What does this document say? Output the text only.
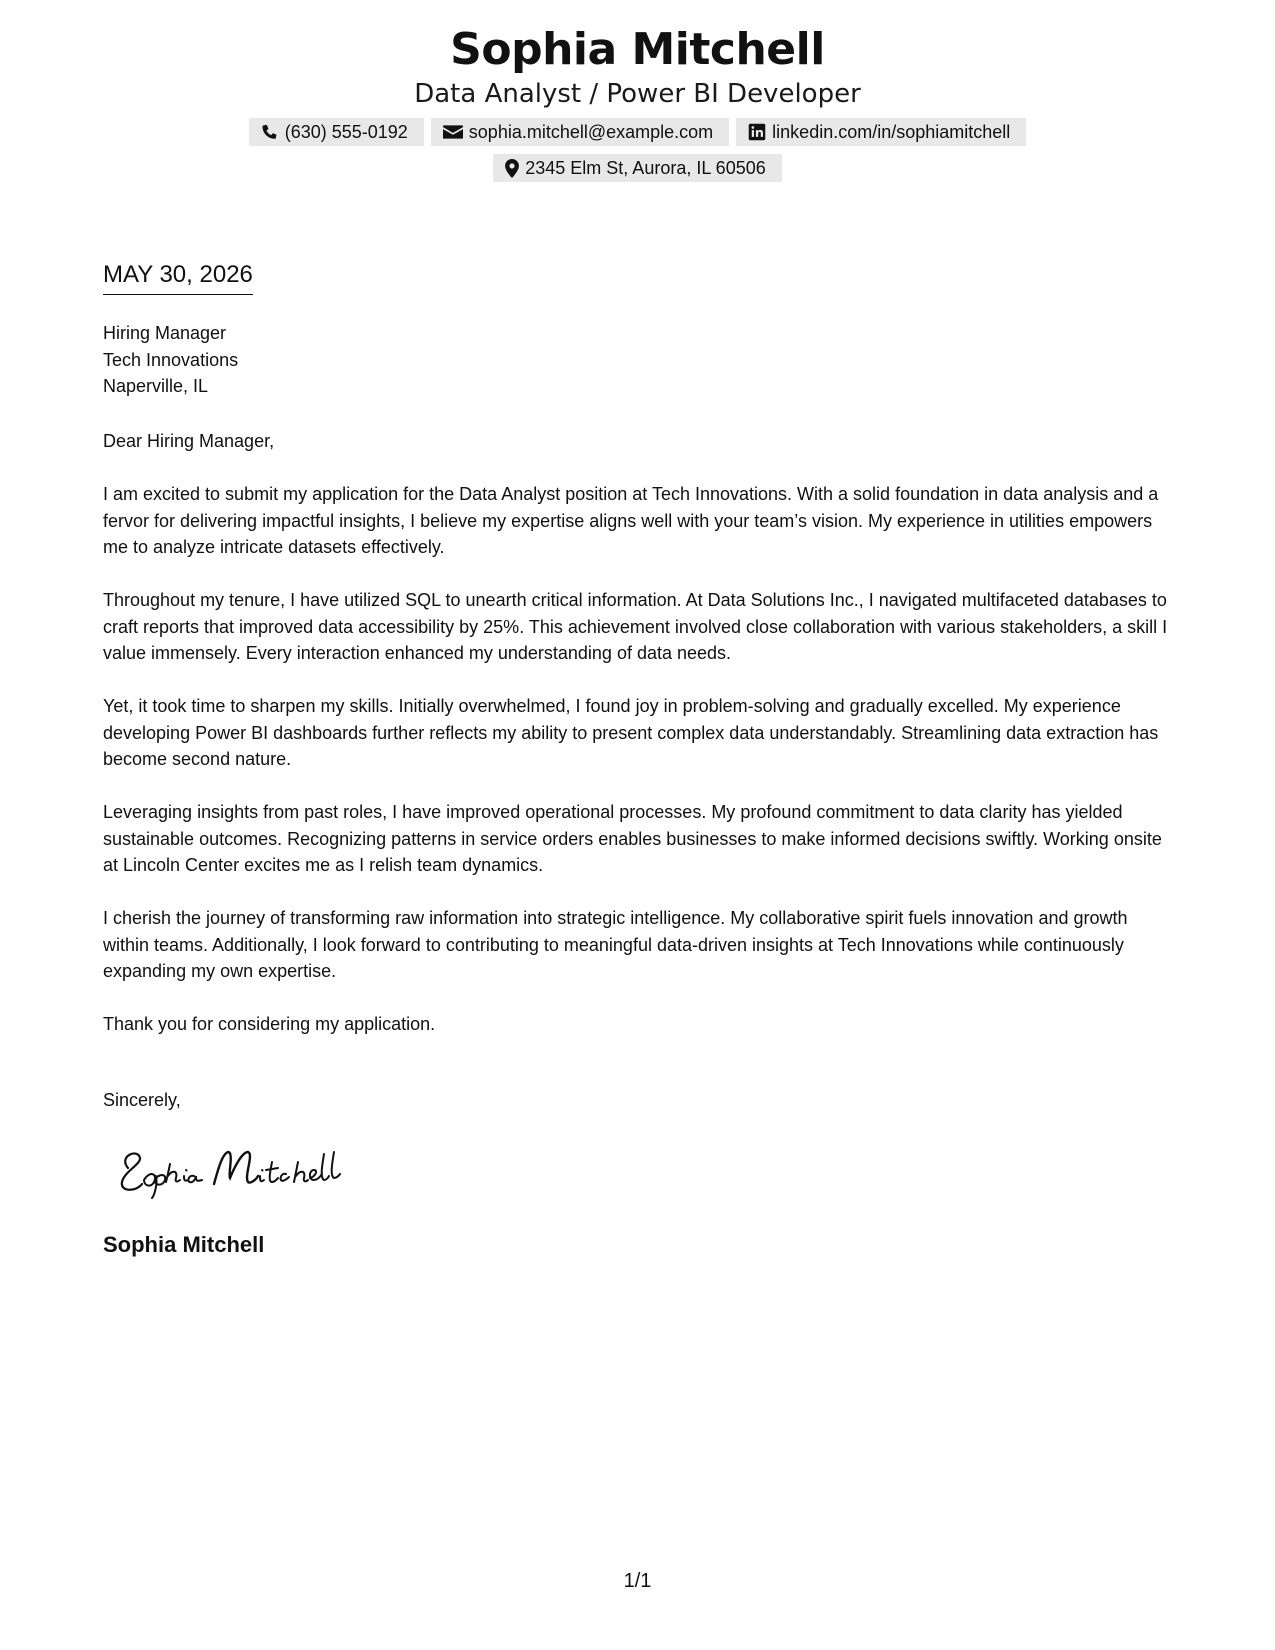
Sophia Mitchell
Data Analyst / Power BI Developer
(630) 555-0192	sophia.mitchell@example.com	linkedin.com/in/sophiamitchell
2345 Elm St, Aurora, IL 60506
MAY 30, 2026
Hiring Manager
Tech Innovations
Naperville, IL
Dear Hiring Manager,

I am excited to submit my application for the Data Analyst position at Tech Innovations. With a solid foundation in data analysis and a fervor for delivering impactful insights, I believe my expertise aligns well with your team’s vision. My experience in utilities empowers me to analyze intricate datasets effectively.

Throughout my tenure, I have utilized SQL to unearth critical information. At Data Solutions Inc., I navigated multifaceted databases to craft reports that improved data accessibility by 25%. This achievement involved close collaboration with various stakeholders, a skill I value immensely. Every interaction enhanced my understanding of data needs.

Yet, it took time to sharpen my skills. Initially overwhelmed, I found joy in problem-solving and gradually excelled. My experience developing Power BI dashboards further reflects my ability to present complex data understandably. Streamlining data extraction has become second nature.

Leveraging insights from past roles, I have improved operational processes. My profound commitment to data clarity has yielded sustainable outcomes. Recognizing patterns in service orders enables businesses to make informed decisions swiftly. Working onsite at Lincoln Center excites me as I relish team dynamics.

I cherish the journey of transforming raw information into strategic intelligence. My collaborative spirit fuels innovation and growth within teams. Additionally, I look forward to contributing to meaningful data-driven insights at Tech Innovations while continuously expanding my own expertise.

Thank you for considering my application.

Sincerely,
Sophia Mitchell
1/1
